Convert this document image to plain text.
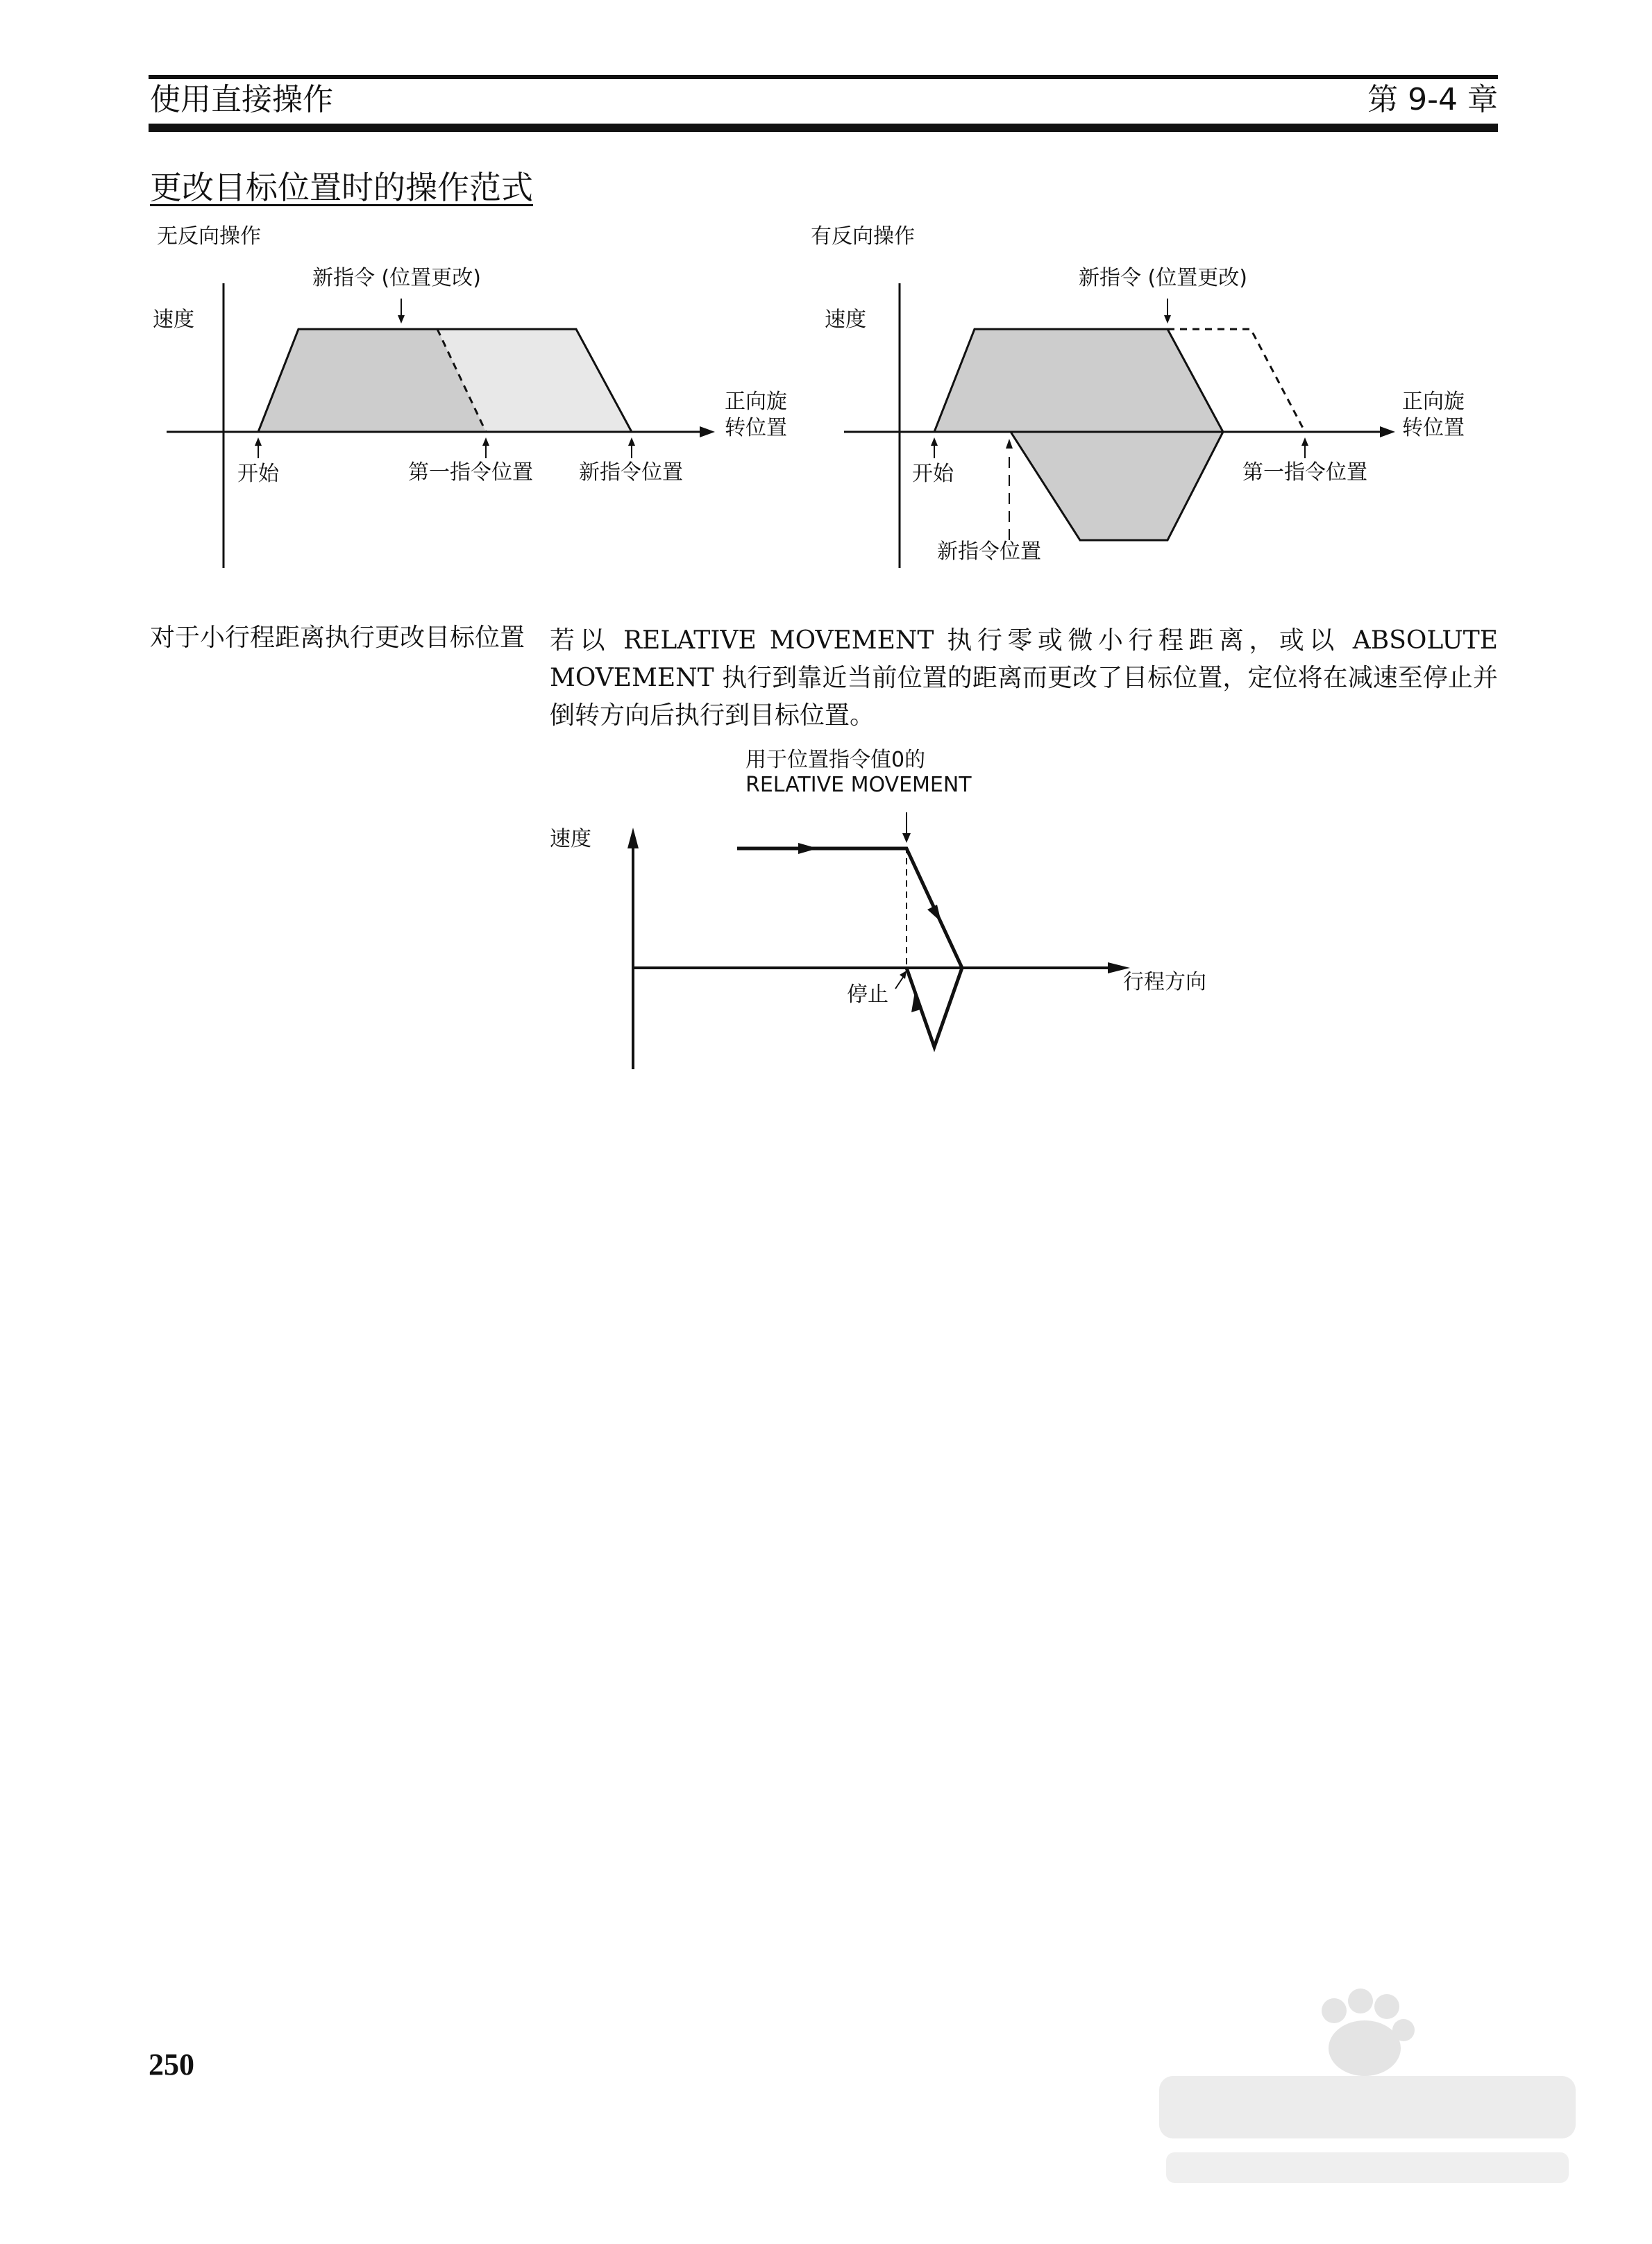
使用直接操作	第 9-4 章
更改目标位置时的操作范式
无反向操作
新指令 (位置更改)
速度
正向旋
转位置
开始	第一指令位置 新指令位置
有反向操作
新指令 (位置更改)
速度
正向旋
转位置
开始	第一指令位置
新指令位置
对于小行程距离执行更改目标位置 若以 RELATIVE MOVEMENT 执行零或微小行程距离，或以 ABSOLUTE MOVEMENT 执行到靠近当前位置的距离而更改了目标位置，定位将在减速至停止并倒转方向后执行到目标位置。
用于位置指令值0的
RELATIVE MOVEMENT
速度
停止
行程方向
250
